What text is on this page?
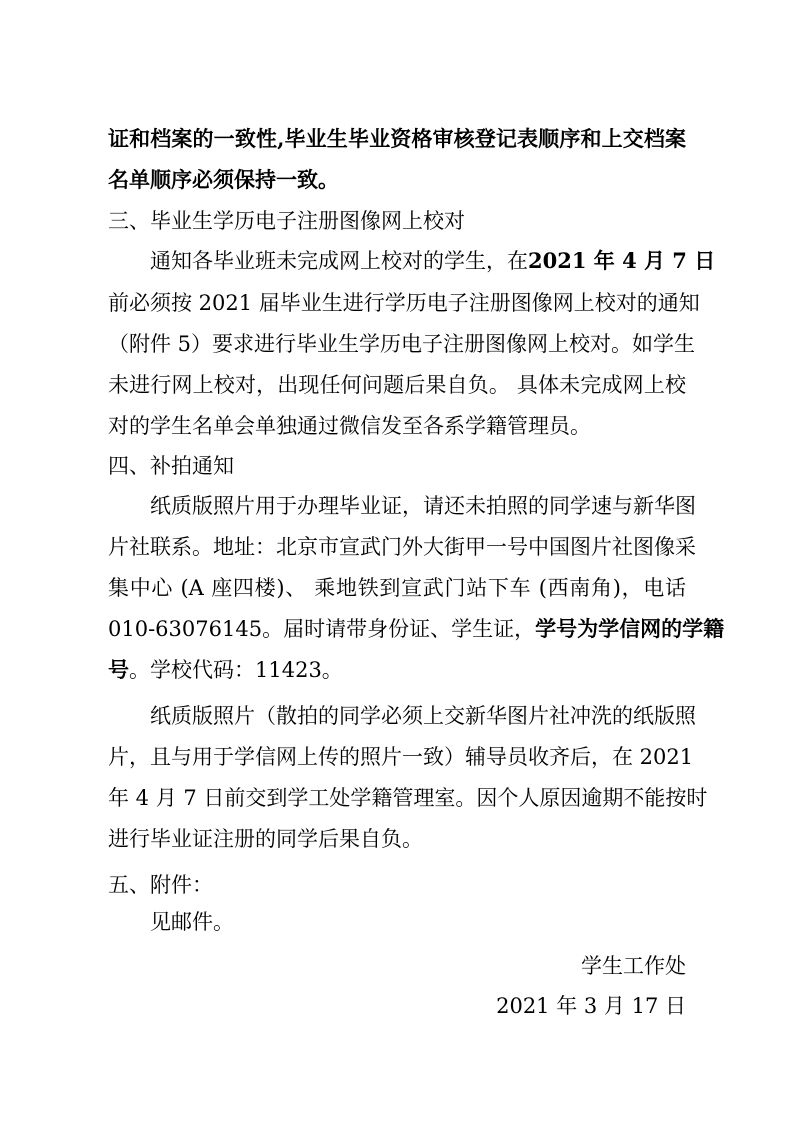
证和档案的一致性,毕业生毕业资格审核登记表顺序和上交档案
名单顺序必须保持一致。
三、毕业生学历电子注册图像网上校对
通知各毕业班未完成网上校对的学生，在2021 年 4 月 7 日
前必须按 2021 届毕业生进行学历电子注册图像网上校对的通知
（附件 5）要求进行毕业生学历电子注册图像网上校对。如学生
未进行网上校对，出现任何问题后果自负。 具体未完成网上校
对的学生名单会单独通过微信发至各系学籍管理员。
四、补拍通知
纸质版照片用于办理毕业证，请还未拍照的同学速与新华图
片社联系。地址：北京市宣武门外大街甲一号中国图片社图像采
集中心 (A 座四楼)、 乘地铁到宣武门站下车 (西南角)，电话
010-63076145。届时请带身份证、学生证，学号为学信网的学籍
号。学校代码：11423。
纸质版照片（散拍的同学必须上交新华图片社冲洗的纸版照
片，且与用于学信网上传的照片一致）辅导员收齐后，在 2021
年 4 月 7 日前交到学工处学籍管理室。因个人原因逾期不能按时
进行毕业证注册的同学后果自负。
五、附件：
见邮件。
学生工作处
2021 年 3 月 17 日
